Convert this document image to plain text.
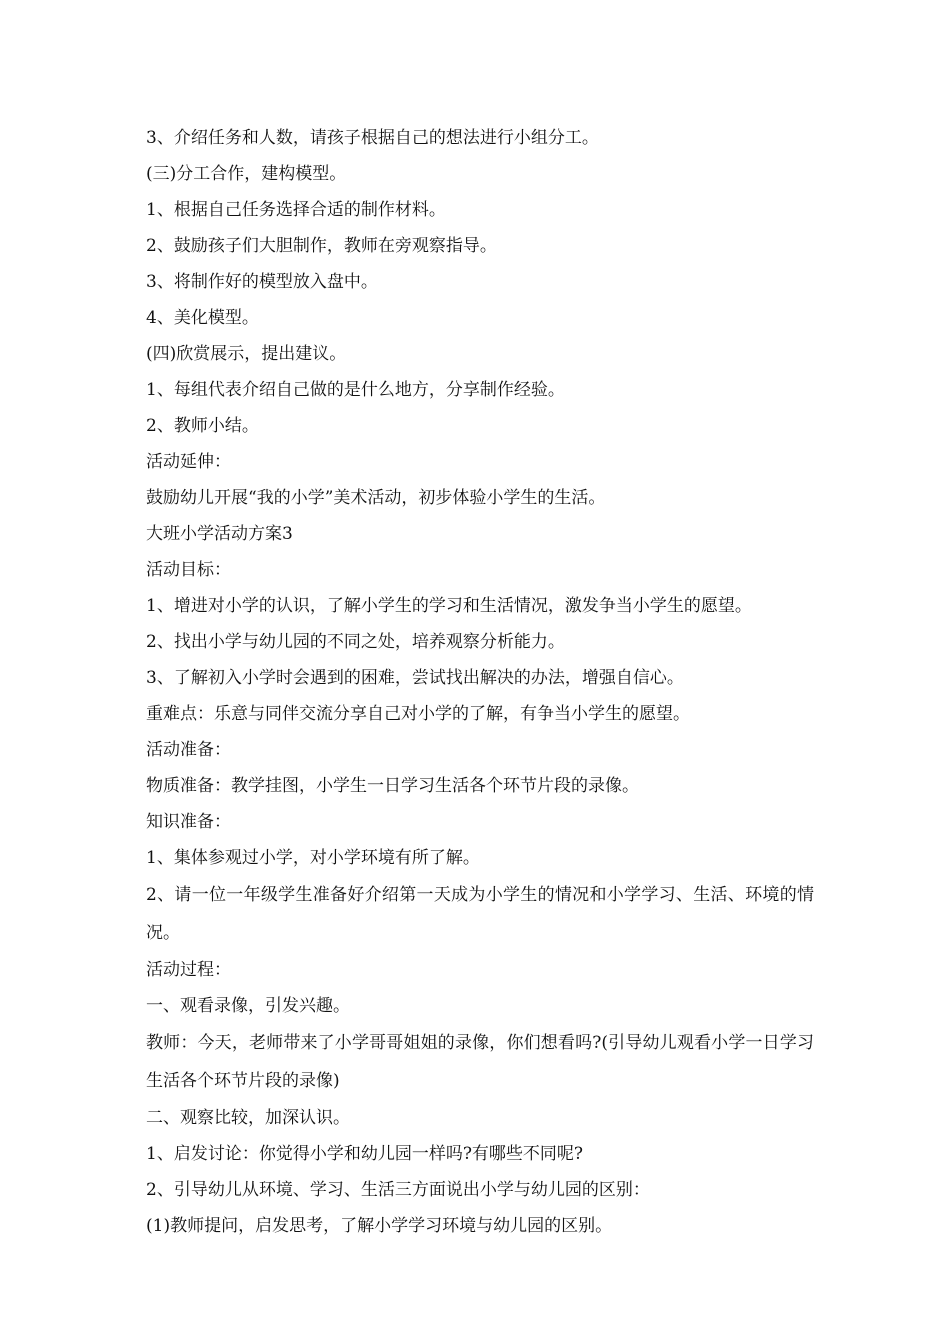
3、介绍任务和人数，请孩子根据自己的想法进行小组分工。

(三)分工合作，建构模型。

1、根据自己任务选择合适的制作材料。

2、鼓励孩子们大胆制作，教师在旁观察指导。

3、将制作好的模型放入盘中。

4、美化模型。

(四)欣赏展示，提出建议。

1、每组代表介绍自己做的是什么地方，分享制作经验。

2、教师小结。

活动延伸：

鼓励幼儿开展“我的小学”美术活动，初步体验小学生的生活。

大班小学活动方案3

活动目标：

1、增进对小学的认识，了解小学生的学习和生活情况，激发争当小学生的愿望。

2、找出小学与幼儿园的不同之处，培养观察分析能力。

3、了解初入小学时会遇到的困难，尝试找出解决的办法，增强自信心。

重难点：乐意与同伴交流分享自己对小学的了解，有争当小学生的愿望。

活动准备：

物质准备：教学挂图，小学生一日学习生活各个环节片段的录像。

知识准备：

1、集体参观过小学，对小学环境有所了解。

2、请一位一年级学生准备好介绍第一天成为小学生的情况和小学学习、生活、环境的情况。

活动过程：

一、观看录像，引发兴趣。

教师：今天，老师带来了小学哥哥姐姐的录像，你们想看吗?(引导幼儿观看小学一日学习生活各个环节片段的录像)

二、观察比较，加深认识。

1、启发讨论：你觉得小学和幼儿园一样吗?有哪些不同呢?

2、引导幼儿从环境、学习、生活三方面说出小学与幼儿园的区别：

(1)教师提问，启发思考，了解小学学习环境与幼儿园的区别。
